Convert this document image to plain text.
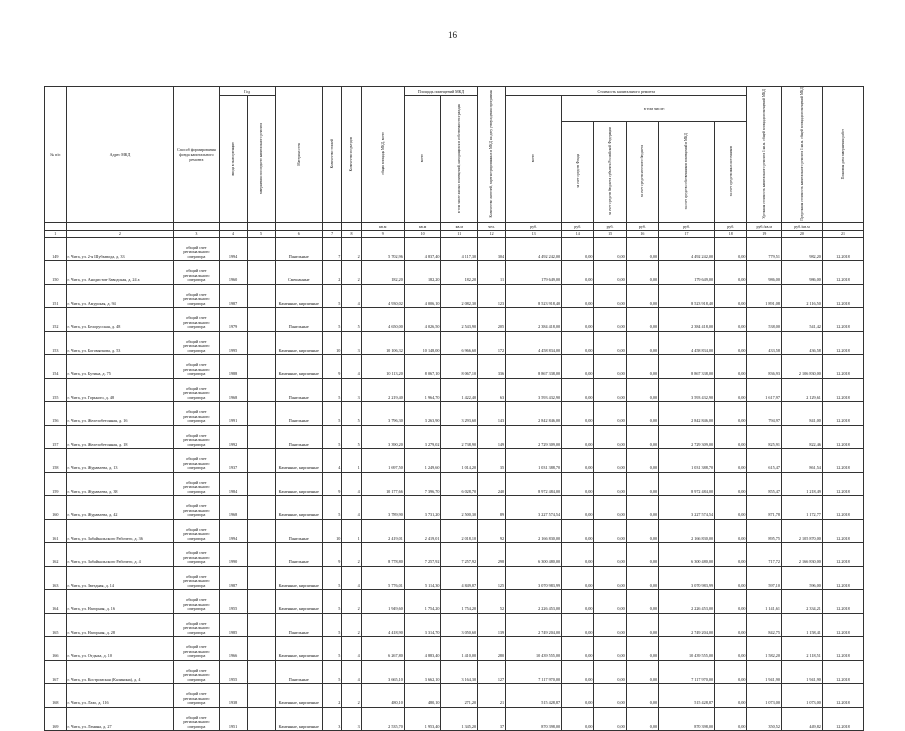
16
№ п/п	Адрес МКД	Способ формирования фонда капитального ремонта	Год		Материал стен	Количество этажей	Количество подъездов	общая площадь МКД, всего	Площадь помещений МКД		Количество жителей, зарегистрированных в МКД на дату утверждения программы	Стоимость капитального ремонта						Удельная стоимость капитального ремонта 1 кв.м. общей площади помещений МКД	Предельная стоимость капитального ремонта 1 кв.м. общей площади помещений МКД	Плановая дата завершения работ
			ввода в эксплуатацию	завершения последнего капитального ремонта					всего	в том числе жилых помещений, находящихся в собственности граждан		всего	в том числе:							
													за счет средств Фонда	за счет средств бюджета субъекта Российской Федерации	за счет средств местного бюджета	за счет средств собственников помещений в МКД	за счет средств иных источников			
								кв.м	кв.м	кв.м	чел.	руб.	руб.	руб.	руб.	руб.	руб.	руб./кв.м	руб./кв.м	
1	2	3	4	5	6	7	8	9	10	11	12	13	14	15	16	17	18	19	20	21
149	г. Чита, ул. 2-я Шубзавода, д. 33	общий счет регионального оператора	1994		Панельные	7	2	5 702,96	4 837,40	4 117,30	304	4 492 242,00	0,00	0,00	0,00	4 492 242,00	0,00	779,51	982,20	12.2018
150	г. Чита, ул. Анодистов-Заводская, д. 24 а	общий счет регионального оператора	1960		Смешанные	2	2	182,20	182,20	182,20	11	179 649,00	0,00	0,00	0,00	179 649,00	0,00	986,00	986,00	12.2018
151	г. Чита, ул. Амурская, д. 94	общий счет регионального оператора	1987		Каменные, кирпичные	5	4	4 930,02	4 006,10	2 082,30	123	8 523 918,40	0,00	0,00	0,00	8 523 918,40	0,00	1 891,08	2 116,50	12.2018
152	г. Чита, ул. Белорусская, д. 48	общий счет регионального оператора	1979		Панельные	5	5	4 650,00	4 026,50	2 543,90	205	2 384 418,00	0,00	0,00	0,00	2 384 418,00	0,00	538,00	541,42	12.2018
153	г. Чита, ул. Богомягкова, д. 53	общий счет регионального оператора	1995		Каменные, кирпичные	10	3	10 106,32	10 148,00	6 966,60	172	4 458 834,00	0,00	0,00	0,00	4 458 834,00	0,00	433,58	436,58	12.2018
154	г. Чита, ул. Бутина, д. 75	общий счет регионального оператора	1988		Каменные, кирпичные	9	4	10 113,20	8 067,10	8 067,10	336	8 867 338,00	0,00	0,00	0,00	8 867 338,00	0,00	836,93	2 106 830,00	12.2018
155	г. Чита, ул. Горького, д. 48	общий счет регионального оператора	1968		Панельные	5	3	2 219,40	1 964,70	1 422,40	63	3 593 432,90	0,00	0,00	0,00	3 593 432,90	0,00	1 617,97	2 129,61	12.2018
156	г. Чита, ул. Железобетонная, д. 16	общий счет регионального оператора	1991		Панельные	5	5	3 796,30	3 263,90	3 293,60	143	2 842 846,00	0,00	0,00	0,00	2 842 846,00	0,00	794,97	841,00	12.2018
157	г. Чита, ул. Железобетонная, д. 18	общий счет регионального оператора	1992		Панельные	5	5	3 390,20	3 279,02	2 738,90	149	2 729 309,00	0,00	0,00	0,00	2 729 309,00	0,00	825,91	822,46	12.2018
158	г. Чита, ул. Журавлева, д. 13	общий счет регионального оператора	1937		Каменные, кирпичные	4	1	1 697,50	1 249,60	1 014,20	35	1 031 388,70	0,00	0,00	0,00	1 031 388,70	0,00	615,47	861,54	12.2018
159	г. Чита, ул. Журавлева, д. 38	общий счет регионального оператора	1984		Каменные, кирпичные	9	4	10 177,66	7 396,70	6 028,70	240	8 972 484,00	0,00	0,00	0,00	8 972 484,00	0,00	855,47	1 218,49	12.2018
160	г. Чита, ул. Журавлева, д. 42	общий счет регионального оператора	1968		Каменные, кирпичные	5	4	3 789,90	3 731,20	2 500,30	89	3 227 574,54	0,00	0,00	0,00	3 227 574,54	0,00	871,78	1 172,77	12.2018
161	г. Чита, ул. Забайкальского Рабочего, д. 36	общий счет регионального оператора	1994		Панельные	10	1	2 419,01	2 419,01	2 018,10	92	2 166 830,00	0,00	0,00	0,00	2 166 830,00	0,00	895,75	2 105 870,00	12.2018
162	г. Чита, ул. Забайкальского Рабочего, д. 4	общий счет регионального оператора	1990		Панельные	9	2	8 778,80	7 257,92	7 257,92	298	6 300 480,00	0,00	0,00	0,00	6 300 480,00	0,00	717,72	2 166 830,00	12.2018
163	г. Чита, ул. Звездная, д. 14	общий счет регионального оператора	1987		Каменные, кирпичные	5	4	5 776,01	5 114,30	4 849,87	125	3 070 983,99	0,00	0,00	0,00	3 070 983,99	0,00	597,10	596,00	12.2018
164	г. Чита, ул. Нагорная, д. 16	общий счет регионального оператора	1955		Каменные, кирпичные	5	2	1 949,60	1 754,20	1 754,20	52	2 226 453,00	0,00	0,00	0,00	2 226 453,00	0,00	1 141,61	2 334,21	12.2018
165	г. Чита, ул. Нагорная, д. 28	общий счет регионального оператора	1985		Панельные	5	2	4 418,90	3 314,70	3 050,60	139	2 749 204,00	0,00	0,00	0,00	2 749 204,00	0,00	842,75	1 158,41	12.2018
166	г. Чита, ул. Отдыха, д. 10	общий счет регионального оператора	1966		Каменные, кирпичные	5	4	6 267,80	4 883,40	1 410,00	280	10 439 555,00	0,00	0,00	0,00	10 439 555,00	0,00	1 582,20	2 118,51	12.2018
167	г. Чита, ул. Костромская (Калинина), д. 4	общий счет регионального оператора	1955		Панельные	5	4	3 665,10	3 662,10	3 164,30	127	7 117 970,00	0,00	0,00	0,00	7 117 970,00	0,00	1 941,90	1 941,90	12.2018
168	г. Чита, ул. Лазо, д. 116	общий счет регионального оператора	1938		Каменные, кирпичные	2	2	480,10	480,10	271,20	21	515 428,87	0,00	0,00	0,00	515 428,87	0,00	1 073,00	1 073,00	12.2018
169	г. Чита, ул. Ленина, д. 27	общий счет регионального оператора	1951		Каменные, кирпичные	3	3	2 535,70	1 953,40	1 345,20	37	870 398,00	0,00	0,00	0,00	870 398,00	0,00	350,52	449,82	12.2018
